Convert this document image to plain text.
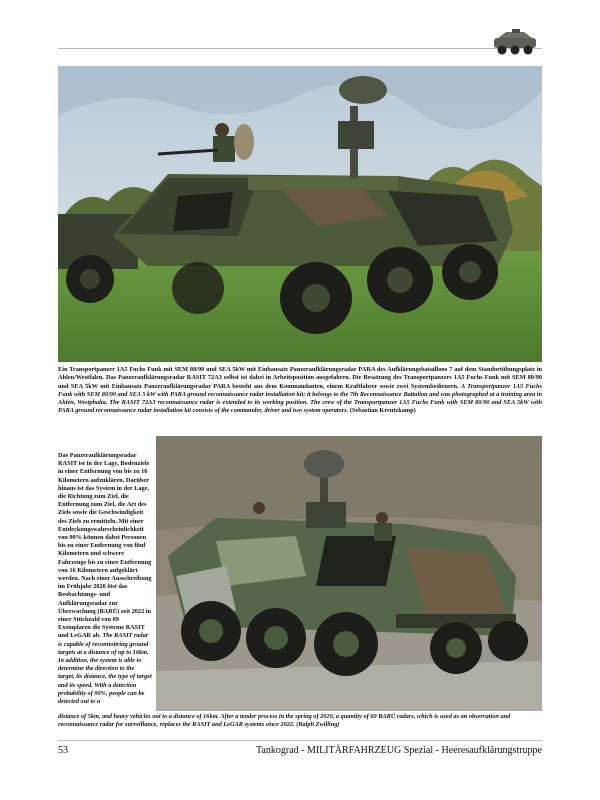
Ein Transportpanzer 1A5 Fuchs Funk mit SEM 80/90 und SEA 5kW mit Einbausatz Panzeraufklärungsradar PARA des Aufklärungsbataillons 7 auf dem Standortübungsplatz in Ahlen/Westfalen. Das Panzeraufklärungsradar RASIT 72A3 selbst ist dabei in Arbeitsposition ausgefahren. Die Besatzung des Transportpanzers 1A5 Fuchs Funk mit SEM 80/90 und SEA 5kW mit Einbausatz Panzeraufklärungsradar PARA besteht aus dem Kommandanten, einem Kraftfahrer sowie zwei Systembedienern. A Transportpanzer 1A5 Fuchs Funk with SEM 80/90 and SEA 5 kW with PARA ground reconnaissance radar installation kit; it belongs to the 7th Reconnaissance Battalion and was photographed at a training area in Ahlen, Westphalia. The RASIT 72A3 reconnaissance radar is extended to its working position. The crew of the Transportpanzer 1A5 Fuchs Funk with SEM 80/90 and SEA 5kW with PARA ground reconnaissance radar installation kit consists of the commander, driver and two system operators. (Sebastian Kreutzkamp)
Das Panzeraufklärungsradar RASIT ist in der Lage, Bodenziele in einer Entfernung von bis zu 16 Kilometern aufzuklären. Darüber hinaus ist das System in der Lage, die Richtung zum Ziel, die Entfernung zum Ziel, die Art des Ziels sowie die Geschwindigkeit des Ziels zu ermitteln. Mit einer Entdeckungswahrscheinlichkeit von 90% können dabei Personen bis zu einer Entfernung von fünf Kilometern und schwere Fahrzeuge bis zu einer Entfernung von 16 Kilometern aufgeklärt werden. Nach einer Ausschreibung im Frühjahr 2020 löst das Beobachtungs- und Aufklärungsradar zur Überwachung (BARÜ) seit 2022 in einer Stückzahl von 69 Exemplaren die Systeme RASIT und LeGAR ab. The RASIT radar is capable of reconnoitring ground targets at a distance of up to 16km. In addition, the system is able to determine the direction to the target, its distance, the type of target and its speed. With a detection probability of 90%, people can be detected out to a
distance of 5km, and heavy vehicles out to a distance of 16km. After a tender process in the spring of 2020, a quantity of 69 BARÜ radars, which is used as an observation and reconnaissance radar for surveillance, replaces the RASIT and LeGAR systems since 2022. (Ralph Zwilling)
53	Tankograd - MILITÄRFAHRZEUG Spezial - Heeresaufklärungstruppe
